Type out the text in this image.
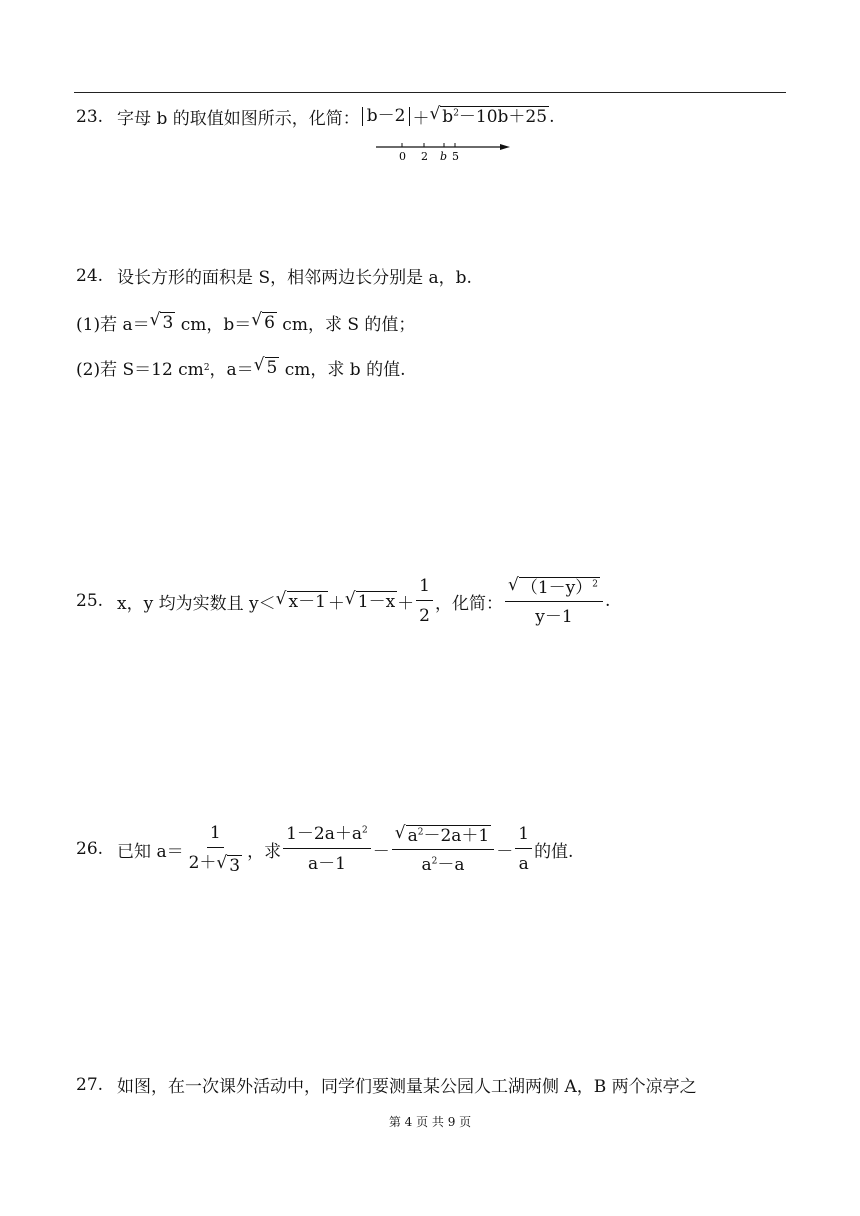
23. 字母 b 的取值如图所示，化简： b－2 ＋ √ $b^2-10b+25$ .
0 2 b 5
24. 设长方形的面积是 S，相邻两边长分别是 a，b.
(1)若 a＝ √ 3 cm，b＝ √ 6 cm，求 S 的值；
(2)若 S＝12 cm 2 ，a＝ √ 5 cm，求 b 的值.
25. x，y 均为实数且 y＜ √ x－1 ＋ √ $1-x + \frac{1}{2}$ ，化简： $\frac{√ (1-y)^2}{y-1}$ .
26. 已知 $a= \frac{1}{2+ √ 3}$ ，求 $\frac{1-2a+a^2}{a-1} - \frac{√ a^2-2a+1}{a^2-a} - \frac{1}{a}$ 的值.
27. 如图，在一次课外活动中，同学们要测量某公园人工湖两侧 A，B 两个凉亭之
第 4 页 共 9 页
